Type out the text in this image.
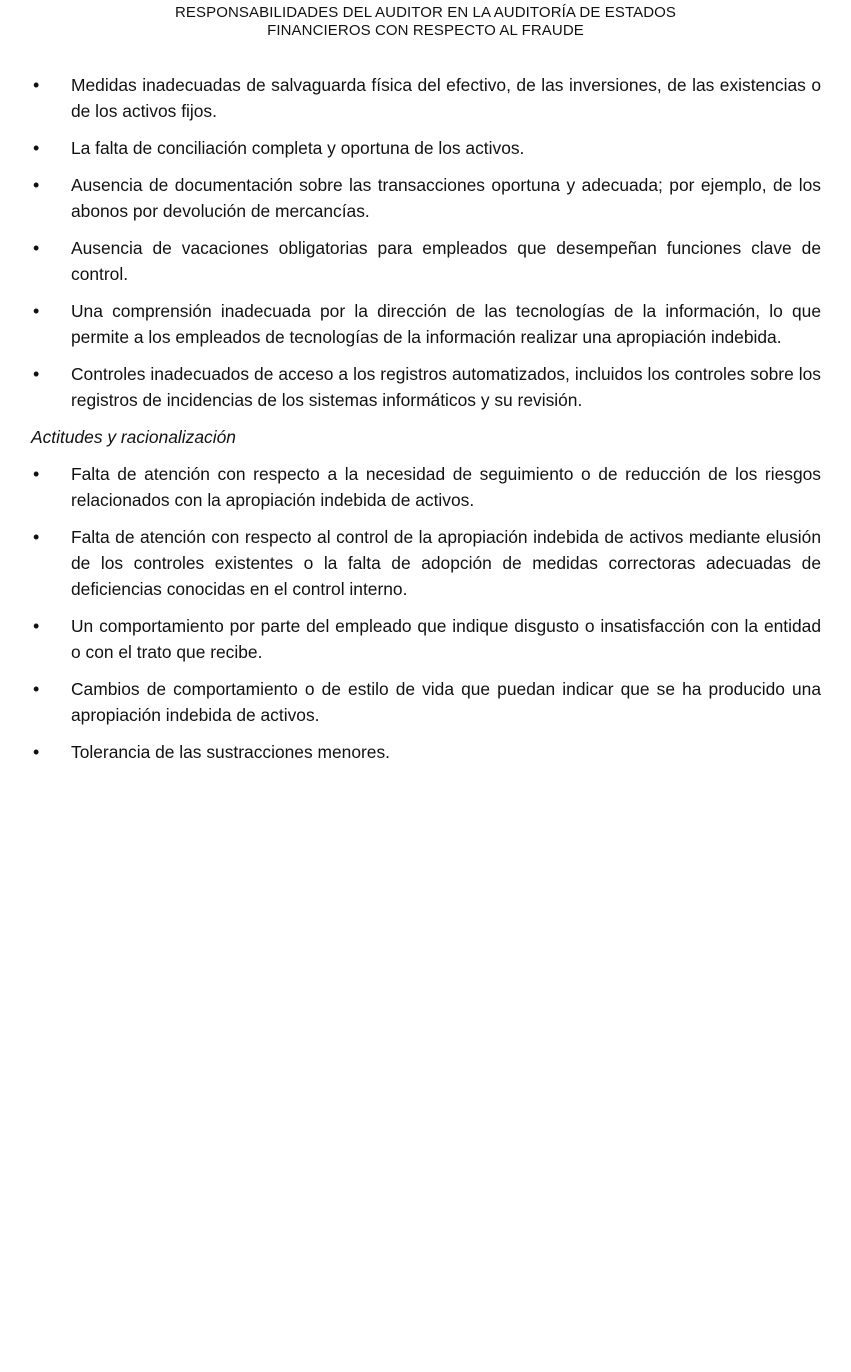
RESPONSABILIDADES DEL AUDITOR EN LA AUDITORÍA DE ESTADOS
FINANCIEROS CON RESPECTO AL FRAUDE
•	Medidas inadecuadas de salvaguarda física del efectivo, de las inversiones, de las existencias o de los activos fijos.
•	La falta de conciliación completa y oportuna de los activos.
•	Ausencia de documentación sobre las transacciones oportuna y adecuada; por ejemplo, de los abonos por devolución de mercancías.
•	Ausencia de vacaciones obligatorias para empleados que desempeñan funciones clave de control.
•	Una comprensión inadecuada por la dirección de las tecnologías de la información, lo que permite a los empleados de tecnologías de la información realizar una apropiación indebida.
•	Controles inadecuados de acceso a los registros automatizados, incluidos los controles sobre los registros de incidencias de los sistemas informáticos y su revisión.
Actitudes y racionalización
•	Falta de atención con respecto a la necesidad de seguimiento o de reducción de los riesgos relacionados con la apropiación indebida de activos.
•	Falta de atención con respecto al control de la apropiación indebida de activos mediante elusión de los controles existentes o la falta de adopción de medidas correctoras adecuadas de deficiencias conocidas en el control interno.
•	Un comportamiento por parte del empleado que indique disgusto o insatisfacción con la entidad o con el trato que recibe.
•	Cambios de comportamiento o de estilo de vida que puedan indicar que se ha producido una apropiación indebida de activos.
•	Tolerancia de las sustracciones menores.
